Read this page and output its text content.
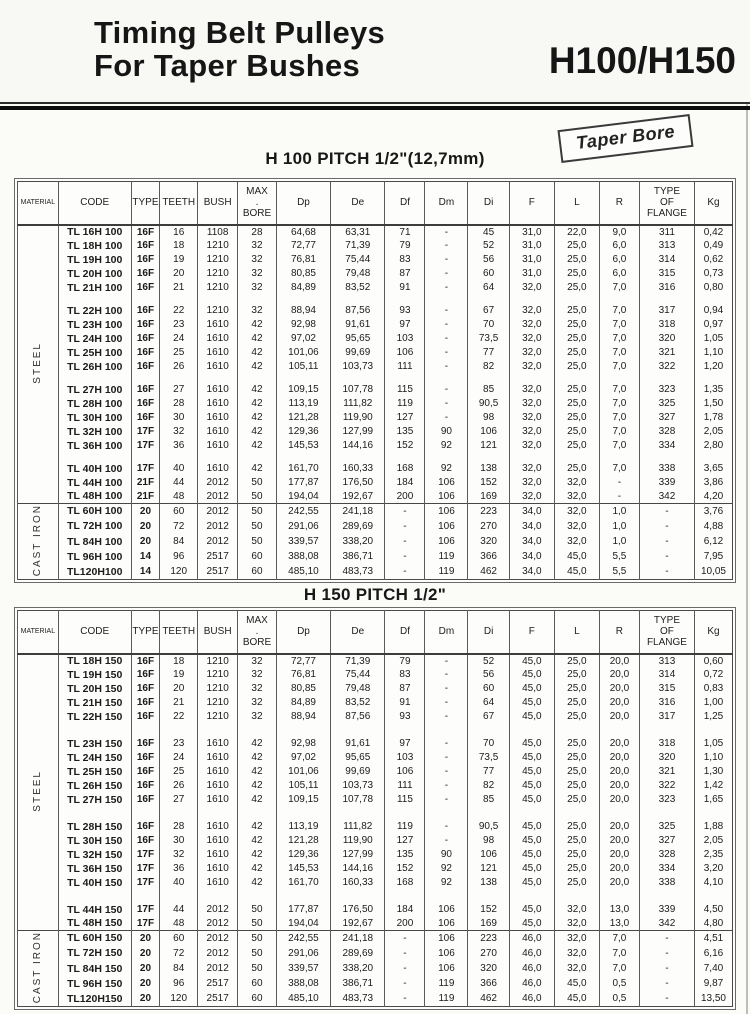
Timing Belt Pulleys
For Taper Bushes	H100/H150
Taper Bore
H 100 PITCH 1/2"(12,7mm)
MATERIAL	CODE	TYPE	TEETH	BUSH	MAX
.
BORE	Dp	De	Df	Dm	Di	F	L	R	TYPE
OF
FLANGE	Kg
STEEL	TL 16H 100	16F	16	1108	28	64,68	63,31	71	-	45	31,0	22,0	9,0	311	0,42
	TL 18H 100	16F	18	1210	32	72,77	71,39	79	-	52	31,0	25,0	6,0	313	0,49
	TL 19H 100	16F	19	1210	32	76,81	75,44	83	-	56	31,0	25,0	6,0	314	0,62
	TL 20H 100	16F	20	1210	32	80,85	79,48	87	-	60	31,0	25,0	6,0	315	0,73
	TL 21H 100	16F	21	1210	32	84,89	83,52	91	-	64	32,0	25,0	7,0	316	0,80

	TL 22H 100	16F	22	1210	32	88,94	87,56	93	-	67	32,0	25,0	7,0	317	0,94
	TL 23H 100	16F	23	1610	42	92,98	91,61	97	-	70	32,0	25,0	7,0	318	0,97
	TL 24H 100	16F	24	1610	42	97,02	95,65	103	-	73,5	32,0	25,0	7,0	320	1,05
	TL 25H 100	16F	25	1610	42	101,06	99,69	106	-	77	32,0	25,0	7,0	321	1,10
	TL 26H 100	16F	26	1610	42	105,11	103,73	111	-	82	32,0	25,0	7,0	322	1,20

	TL 27H 100	16F	27	1610	42	109,15	107,78	115	-	85	32,0	25,0	7,0	323	1,35
	TL 28H 100	16F	28	1610	42	113,19	111,82	119	-	90,5	32,0	25,0	7,0	325	1,50
	TL 30H 100	16F	30	1610	42	121,28	119,90	127	-	98	32,0	25,0	7,0	327	1,78
	TL 32H 100	17F	32	1610	42	129,36	127,99	135	90	106	32,0	25,0	7,0	328	2,05
	TL 36H 100	17F	36	1610	42	145,53	144,16	152	92	121	32,0	25,0	7,0	334	2,80

	TL 40H 100	17F	40	1610	42	161,70	160,33	168	92	138	32,0	25,0	7,0	338	3,65
	TL 44H 100	21F	44	2012	50	177,87	176,50	184	106	152	32,0	32,0	-	339	3,86
	TL 48H 100	21F	48	2012	50	194,04	192,67	200	106	169	32,0	32,0	-	342	4,20
CAST IRON	TL 60H 100	20	60	2012	50	242,55	241,18	-	106	223	34,0	32,0	1,0	-	3,76
	TL 72H 100	20	72	2012	50	291,06	289,69	-	106	270	34,0	32,0	1,0	-	4,88
	TL 84H 100	20	84	2012	50	339,57	338,20	-	106	320	34,0	32,0	1,0	-	6,12
	TL 96H 100	14	96	2517	60	388,08	386,71	-	119	366	34,0	45,0	5,5	-	7,95
	TL120H100	14	120	2517	60	485,10	483,73	-	119	462	34,0	45,0	5,5	-	10,05
H 150 PITCH 1/2"
MATERIAL	CODE	TYPE	TEETH	BUSH	MAX
.
BORE	Dp	De	Df	Dm	Di	F	L	R	TYPE
OF
FLANGE	Kg
STEEL	TL 18H 150	16F	18	1210	32	72,77	71,39	79	-	52	45,0	25,0	20,0	313	0,60
	TL 19H 150	16F	19	1210	32	76,81	75,44	83	-	56	45,0	25,0	20,0	314	0,72
	TL 20H 150	16F	20	1210	32	80,85	79,48	87	-	60	45,0	25,0	20,0	315	0,83
	TL 21H 150	16F	21	1210	32	84,89	83,52	91	-	64	45,0	25,0	20,0	316	1,00
	TL 22H 150	16F	22	1210	32	88,94	87,56	93	-	67	45,0	25,0	20,0	317	1,25

	TL 23H 150	16F	23	1610	42	92,98	91,61	97	-	70	45,0	25,0	20,0	318	1,05
	TL 24H 150	16F	24	1610	42	97,02	95,65	103	-	73,5	45,0	25,0	20,0	320	1,10
	TL 25H 150	16F	25	1610	42	101,06	99,69	106	-	77	45,0	25,0	20,0	321	1,30
	TL 26H 150	16F	26	1610	42	105,11	103,73	111	-	82	45,0	25,0	20,0	322	1,42
	TL 27H 150	16F	27	1610	42	109,15	107,78	115	-	85	45,0	25,0	20,0	323	1,65

	TL 28H 150	16F	28	1610	42	113,19	111,82	119	-	90,5	45,0	25,0	20,0	325	1,88
	TL 30H 150	16F	30	1610	42	121,28	119,90	127	-	98	45,0	25,0	20,0	327	2,05
	TL 32H 150	17F	32	1610	42	129,36	127,99	135	90	106	45,0	25,0	20,0	328	2,35
	TL 36H 150	17F	36	1610	42	145,53	144,16	152	92	121	45,0	25,0	20,0	334	3,20
	TL 40H 150	17F	40	1610	42	161,70	160,33	168	92	138	45,0	25,0	20,0	338	4,10

	TL 44H 150	17F	44	2012	50	177,87	176,50	184	106	152	45,0	32,0	13,0	339	4,50
	TL 48H 150	17F	48	2012	50	194,04	192,67	200	106	169	45,0	32,0	13,0	342	4,80
CAST IRON	TL 60H 150	20	60	2012	50	242,55	241,18	-	106	223	46,0	32,0	7,0	-	4,51
	TL 72H 150	20	72	2012	50	291,06	289,69	-	106	270	46,0	32,0	7,0	-	6,16
	TL 84H 150	20	84	2012	50	339,57	338,20	-	106	320	46,0	32,0	7,0	-	7,40
	TL 96H 150	20	96	2517	60	388,08	386,71	-	119	366	46,0	45,0	0,5	-	9,87
	TL120H150	20	120	2517	60	485,10	483,73	-	119	462	46,0	45,0	0,5	-	13,50
